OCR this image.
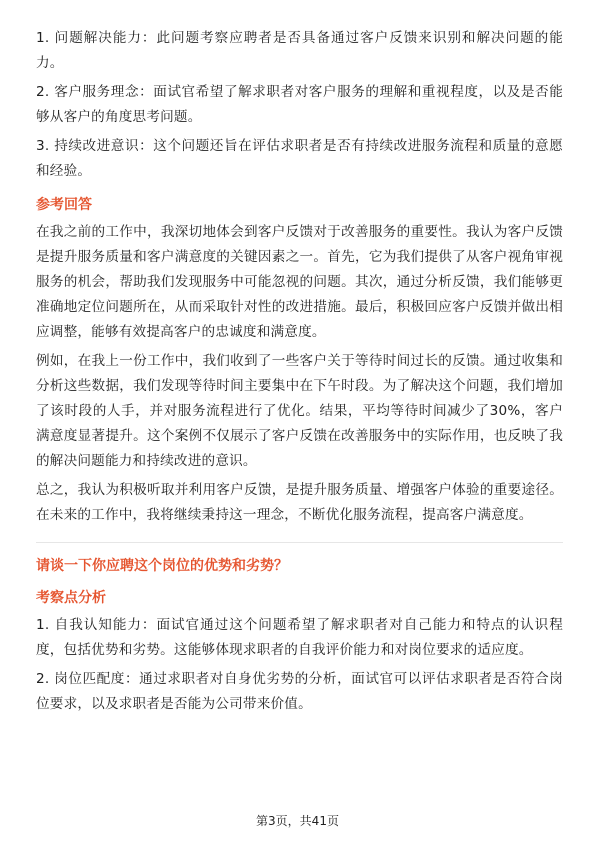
1. 问题解决能力：此问题考察应聘者是否具备通过客户反馈来识别和解决问题的能力。

2. 客户服务理念：面试官希望了解求职者对客户服务的理解和重视程度，以及是否能够从客户的角度思考问题。

3. 持续改进意识：这个问题还旨在评估求职者是否有持续改进服务流程和质量的意愿和经验。

参考回答

在我之前的工作中，我深切地体会到客户反馈对于改善服务的重要性。我认为客户反馈是提升服务质量和客户满意度的关键因素之一。首先，它为我们提供了从客户视角审视服务的机会，帮助我们发现服务中可能忽视的问题。其次，通过分析反馈，我们能够更准确地定位问题所在，从而采取针对性的改进措施。最后，积极回应客户反馈并做出相应调整，能够有效提高客户的忠诚度和满意度。

例如，在我上一份工作中，我们收到了一些客户关于等待时间过长的反馈。通过收集和分析这些数据，我们发现等待时间主要集中在下午时段。为了解决这个问题，我们增加了该时段的人手，并对服务流程进行了优化。结果，平均等待时间减少了30%，客户满意度显著提升。这个案例不仅展示了客户反馈在改善服务中的实际作用，也反映了我的解决问题能力和持续改进的意识。

总之，我认为积极听取并利用客户反馈，是提升服务质量、增强客户体验的重要途径。在未来的工作中，我将继续秉持这一理念，不断优化服务流程，提高客户满意度。

请谈一下你应聘这个岗位的优势和劣势？
考察点分析

1. 自我认知能力：面试官通过这个问题希望了解求职者对自己能力和特点的认识程度，包括优势和劣势。这能够体现求职者的自我评价能力和对岗位要求的适应度。

2. 岗位匹配度：通过求职者对自身优劣势的分析，面试官可以评估求职者是否符合岗位要求，以及求职者是否能为公司带来价值。

第3页，共41页
